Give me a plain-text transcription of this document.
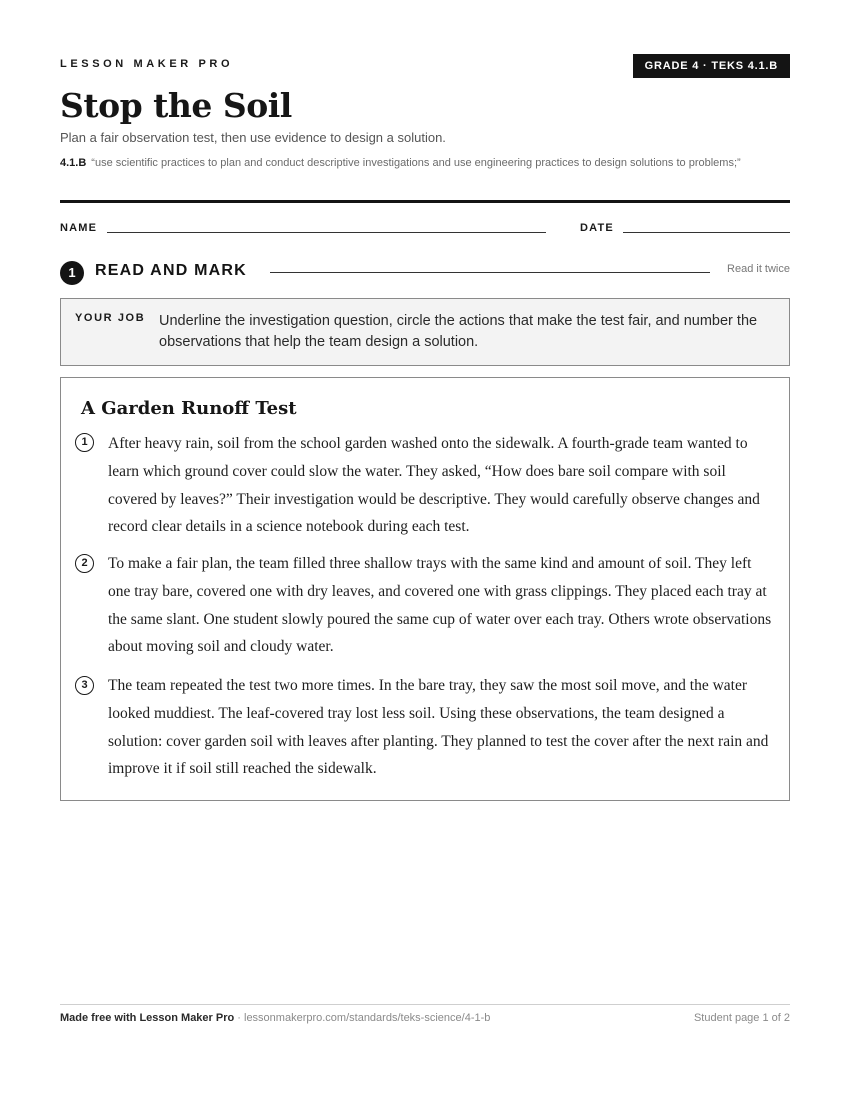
LESSON MAKER PRO	GRADE 4 · TEKS 4.1.B
Stop the Soil
Plan a fair observation test, then use evidence to design a solution.
4.1.B “use scientific practices to plan and conduct descriptive investigations and use engineering practices to design solutions to problems;”
NAME	DATE
1	READ AND MARK	Read it twice
YOUR JOB Underline the investigation question, circle the actions that make the test fair, and number the observations that help the team design a solution.
A Garden Runoff Test
1	After heavy rain, soil from the school garden washed onto the sidewalk. A fourth-grade team wanted to learn which ground cover could slow the water. They asked, “How does bare soil compare with soil covered by leaves?” Their investigation would be descriptive. They would carefully observe changes and record clear details in a science notebook during each test.

2	To make a fair plan, the team filled three shallow trays with the same kind and amount of soil. They left one tray bare, covered one with dry leaves, and covered one with grass clippings. They placed each tray at the same slant. One student slowly poured the same cup of water over each tray. Others wrote observations about moving soil and cloudy water.

3	The team repeated the test two more times. In the bare tray, they saw the most soil move, and the water looked muddiest. The leaf-covered tray lost less soil. Using these observations, the team designed a solution: cover garden soil with leaves after planting. They planned to test the cover after the next rain and improve it if soil still reached the sidewalk.

Made free with Lesson Maker Pro · lessonmakerpro.com/standards/teks-science/4-1-b	Student page 1 of 2
